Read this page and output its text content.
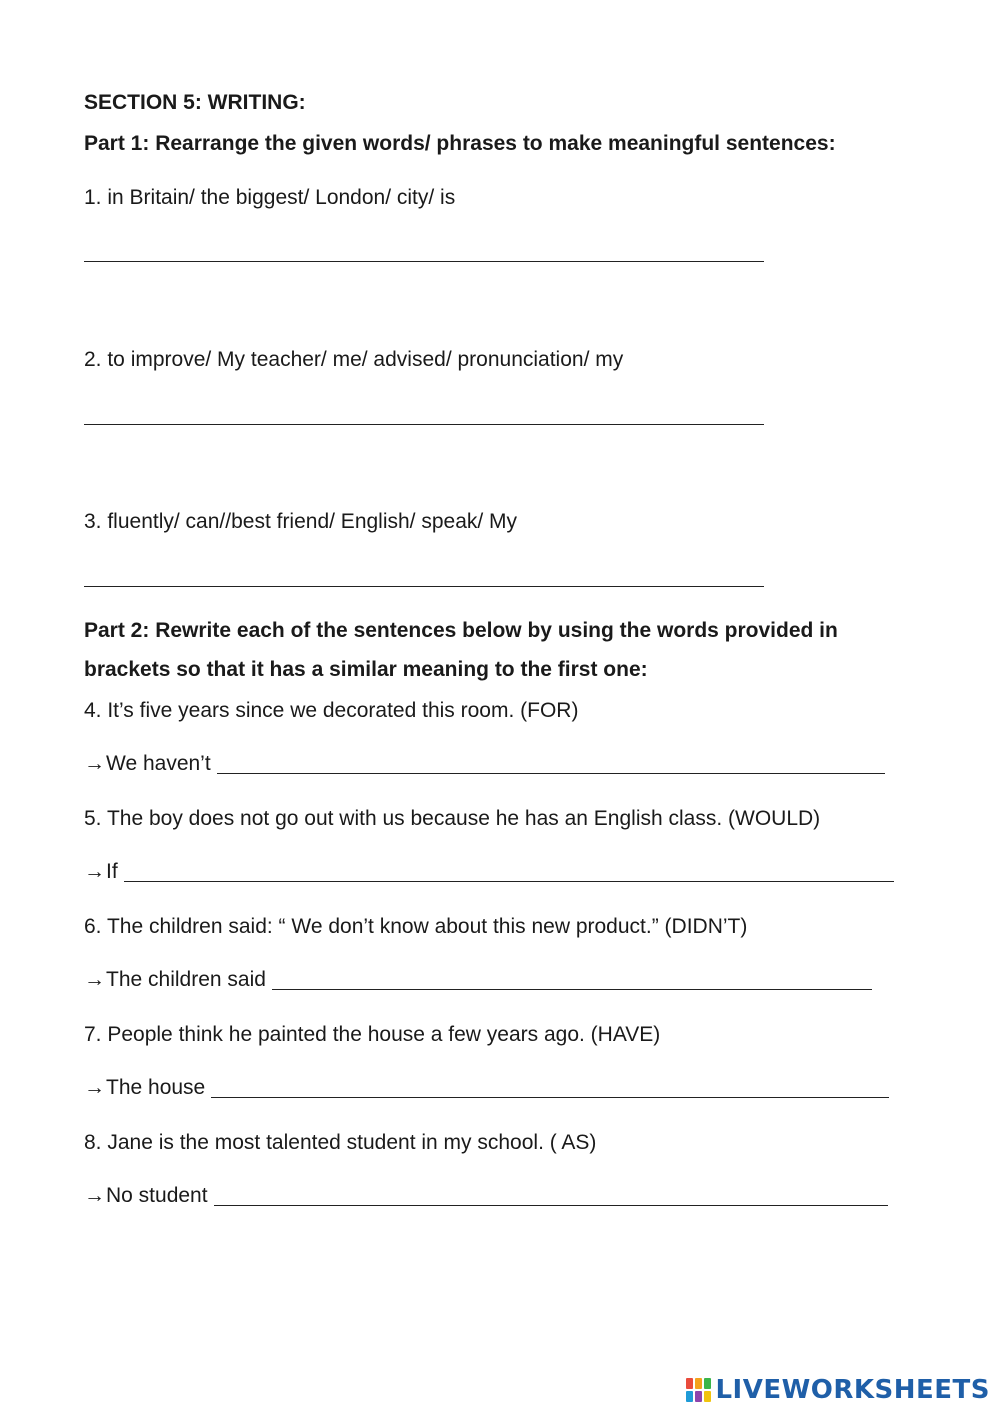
SECTION 5: WRITING:
Part 1: Rearrange the given words/ phrases to make meaningful sentences:
1. in Britain/ the biggest/ London/ city/ is
2. to improve/ My teacher/ me/ advised/ pronunciation/ my
3. fluently/ can//best friend/ English/ speak/ My
Part 2: Rewrite each of the sentences below by using the words provided in
brackets so that it has a similar meaning to the first one:
4. It’s five years since we decorated this room. (FOR)
→ We haven’t
5. The boy does not go out with us because he has an English class. (WOULD)
→ If
6. The children said: “ We don’t know about this new product.” (DIDN’T)
→ The children said
7. People think he painted the house a few years ago. (HAVE)
→ The house
8. Jane is the most talented student in my school. ( AS)
→ No student
LIVEWORKSHEETS
